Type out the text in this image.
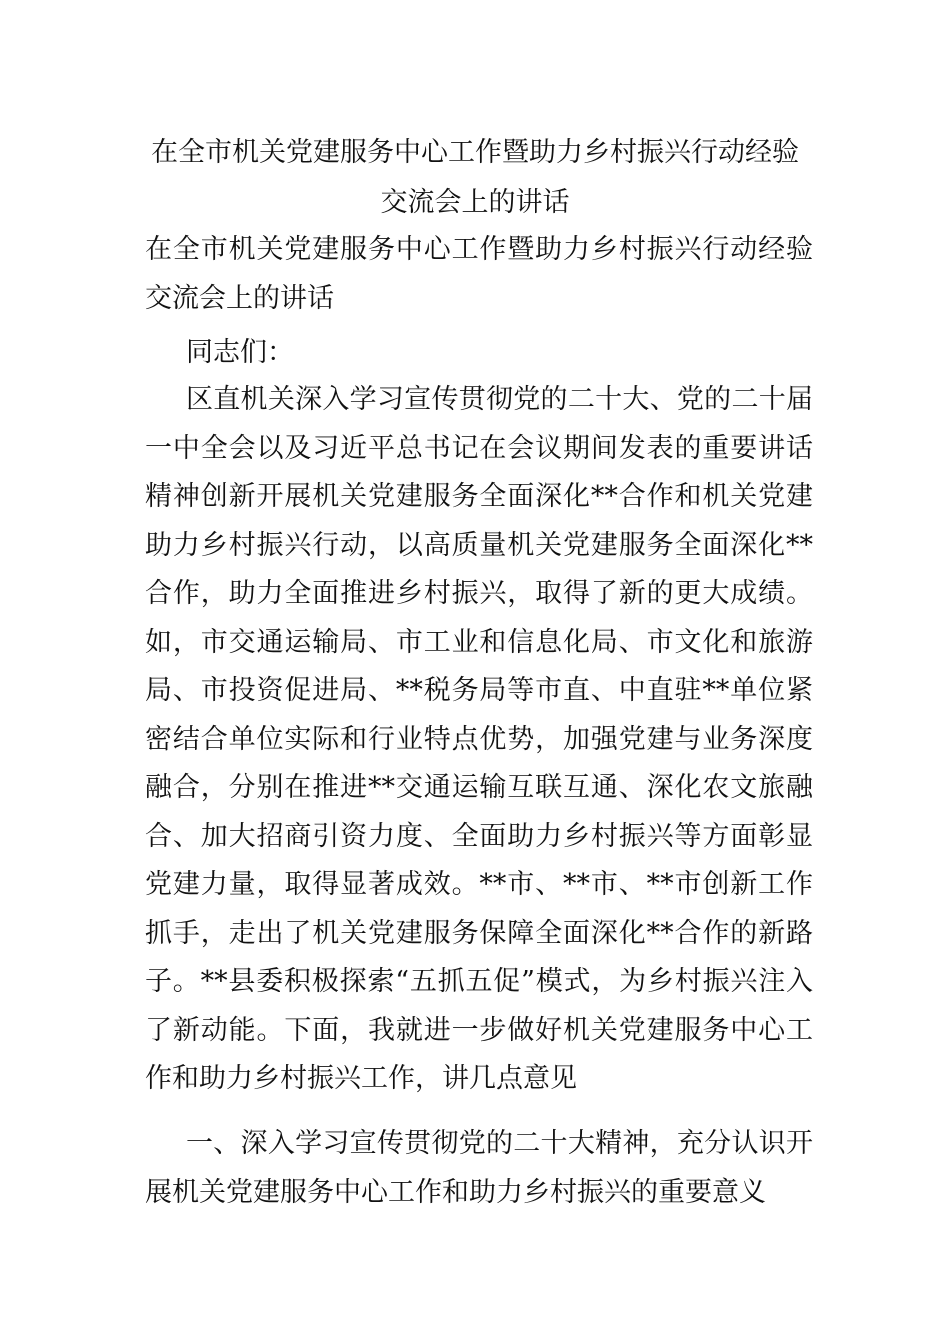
在全市机关党建服务中心工作暨助力乡村振兴行动经验交流会上的讲话

在全市机关党建服务中心工作暨助力乡村振兴行动经验交流会上的讲话

同志们：

区直机关深入学习宣传贯彻党的二十大、党的二十届一中全会以及习近平总书记在会议期间发表的重要讲话精神创新开展机关党建服务全面深化**合作和机关党建助力乡村振兴行动，以高质量机关党建服务全面深化**合作，助力全面推进乡村振兴，取得了新的更大成绩。如，市交通运输局、市工业和信息化局、市文化和旅游局、市投资促进局、**税务局等市直、中直驻**单位紧密结合单位实际和行业特点优势，加强党建与业务深度融合，分别在推进**交通运输互联互通、深化农文旅融合、加大招商引资力度、全面助力乡村振兴等方面彰显党建力量，取得显著成效。**市、**市、**市创新工作抓手，走出了机关党建服务保障全面深化**合作的新路子。**县委积极探索“五抓五促”模式，为乡村振兴注入了新动能。下面，我就进一步做好机关党建服务中心工作和助力乡村振兴工作，讲几点意见

一、深入学习宣传贯彻党的二十大精神，充分认识开展机关党建服务中心工作和助力乡村振兴的重要意义
